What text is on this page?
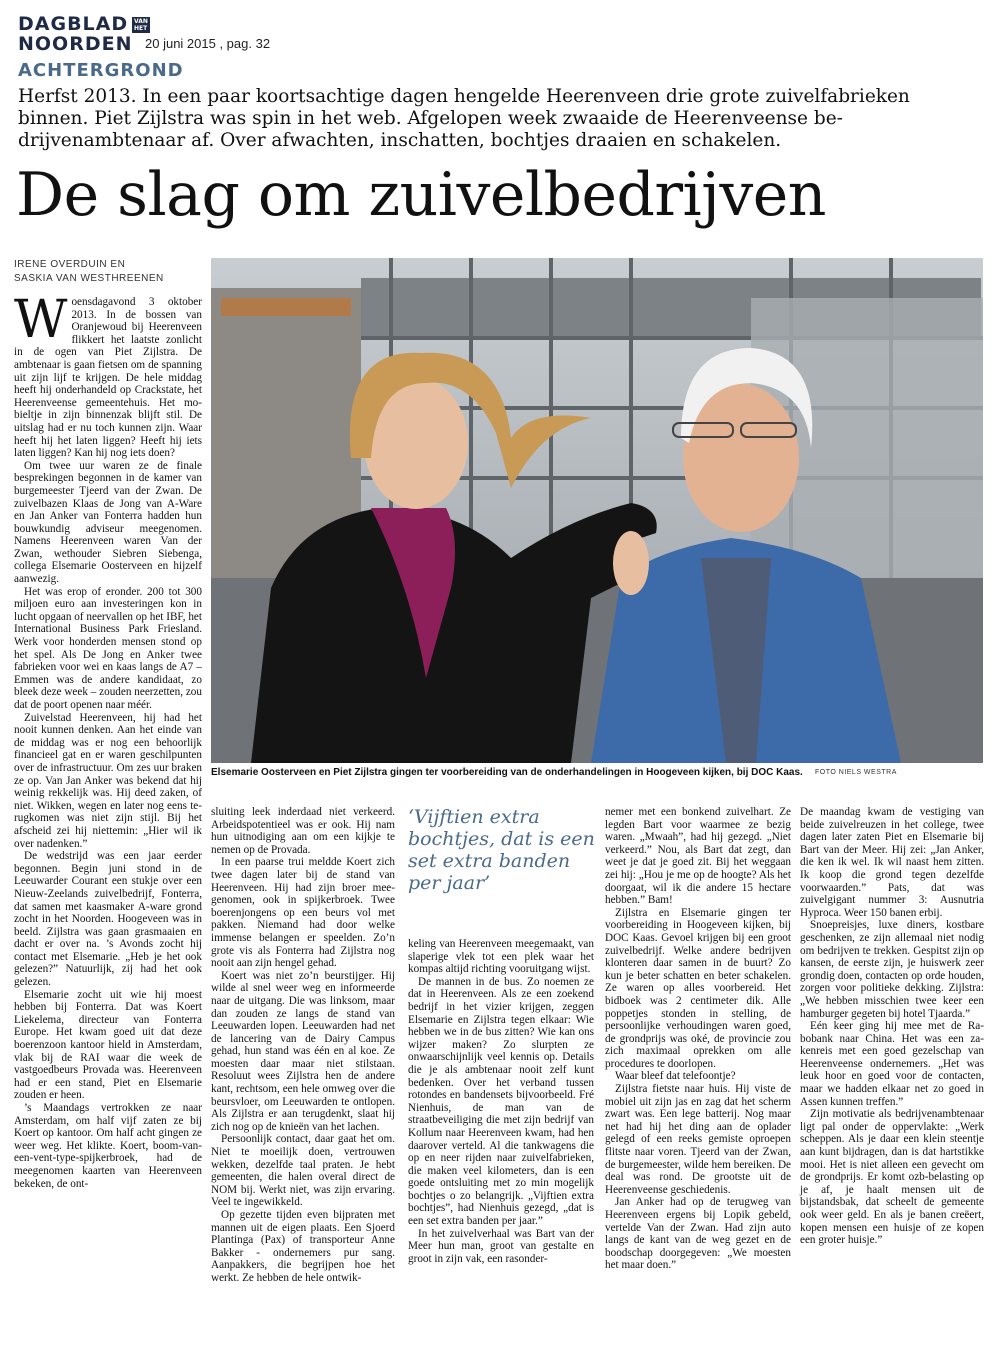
DAGBLAD VAN
HET
NOORDEN 20 juni 2015 , pag. 32
ACHTERGROND
Herfst 2013. In een paar koortsachtige dagen hengelde Heerenveen drie grote zuivelfabrieken binnen. Piet Zijlstra was spin in het web. Afgelopen week zwaaide de Heerenveense bedrijvenambtenaar af. Over afwachten, inschatten, bochtjes draaien en schakelen.
De slag om zuivelbedrijven
IRENE OVERDUIN EN
SASKIA VAN WESTHREENEN
Elsemarie Oosterveen en Piet Zijlstra gingen ter voorbereiding van de onderhandelingen in Hoogeveen kijken, bij DOC Kaas.	FOTO NIELS WESTRA
W oensdagavond 3 oktober 2013. In de bossen van Oranjewoud bij Heerenveen flikkert het laatste zonlicht in de ogen van Piet Zijlstra. De ambtenaar is gaan fietsen om de spanning uit zijn lijf te krijgen. De hele middag heeft hij onderhandeld op Crackstate, het Heerenveense gemeentehuis. Het mobieltje in zijn binnenzak blijft stil. De uitslag had er nu toch kunnen zijn. Waar heeft hij het laten liggen? Heeft hij iets laten liggen? Kan hij nog iets doen?

Om twee uur waren ze de finale besprekingen begonnen in de kamer van burgemeester Tjeerd van der Zwan. De zuivelbazen Klaas de Jong van A-Ware en Jan Anker van Fonterra hadden hun bouwkundig adviseur meegenomen. Namens Heerenveen waren Van der Zwan, wethouder Siebren Siebenga, collega Elsemarie Oosterveen en hijzelf aanwezig.

Het was erop of eronder. 200 tot 300 miljoen euro aan investeringen kon in lucht opgaan of neervallen op het IBF, het International Business Park Friesland. Werk voor honderden mensen stond op het spel. Als De Jong en Anker twee fabrieken voor wei en kaas langs de A7 – Emmen was de andere kandidaat, zo bleek deze week – zouden neerzetten, zou dat de poort openen naar méér.

Zuivelstad Heerenveen, hij had het nooit kunnen denken. Aan het einde van de middag was er nog een behoorlijk financieel gat en er waren geschilpunten over de infrastructuur. Om zes uur braken ze op. Van Jan Anker was bekend dat hij weinig rekkelijk was. Hij deed zaken, of niet. Wikken, wegen en later nog eens terugkomen was niet zijn stijl. Bij het afscheid zei hij niettemin: „Hier wil ik over nadenken.”

De wedstrijd was een jaar eerder begonnen. Begin juni stond in de Leeuwarder Courant een stukje over een Nieuw-Zeelands zuivelbedrijf, Fonterra, dat samen met kaasmaker A-ware grond zocht in het Noorden. Hoogeveen was in beeld. Zijlstra was gaan grasmaaien en dacht er over na. ’s Avonds zocht hij contact met Elsemarie. „Heb je het ook gelezen?” Natuurlijk, zij had het ook gelezen.

Elsemarie zocht uit wie hij moest hebben bij Fonterra. Dat was Koert Liekelema, directeur van Fonterra Europe. Het kwam goed uit dat deze boerenzoon kantoor hield in Amsterdam, vlak bij de RAI waar die week de vastgoedbeurs Provada was. Heerenveen had er een stand, Piet en Elsemarie zouden er heen.

’s Maandags vertrokken ze naar Amsterdam, om half vijf zaten ze bij Koert op kantoor. Om half acht gingen ze weer weg. Het klikte. Koert, boom-van-een-vent-type-spijkerbroek, had de meegenomen kaarten van Heerenveen bekeken, de ont-

sluiting leek inderdaad niet verkeerd. Arbeidspotentieel was er ook. Hij nam hun uitnodiging aan om een kijkje te nemen op de Provada.

In een paarse trui meldde Koert zich twee dagen later bij de stand van Heerenveen. Hij had zijn broer meegenomen, ook in spijkerbroek. Twee boerenjongens op een beurs vol met pakken. Niemand had door welke immense belangen er speelden. Zo’n grote vis als Fonterra had Zijlstra nog nooit aan zijn hengel gehad.

Koert was niet zo’n beurstijger. Hij wilde al snel weer weg en informeerde naar de uitgang. Die was linksom, maar dan zouden ze langs de stand van Leeuwarden lopen. Leeuwarden had net de lancering van de Dairy Campus gehad, hun stand was één en al koe. Ze moesten daar maar niet stilstaan. Resoluut wees Zijlstra hen de andere kant, rechtsom, een hele omweg over die beursvloer, om Leeuwarden te ontlopen. Als Zijlstra er aan terugdenkt, slaat hij zich nog op de knieën van het lachen.

Persoonlijk contact, daar gaat het om. Niet te moeilijk doen, vertrouwen wekken, dezelfde taal praten. Je hebt gemeenten, die halen overal direct de NOM bij. Werkt niet, was zijn ervaring. Veel te ingewikkeld.

Op gezette tijden even bijpraten met mannen uit de eigen plaats. Een Sjoerd Plantinga (Pax) of transporteur Anne Bakker - ondernemers pur sang. Aanpakkers, die begrijpen hoe het werkt. Ze hebben de hele ontwik-

‘Vijftien extra bochtjes, dat is een set extra banden per jaar’

keling van Heerenveen meegemaakt, van slaperige vlek tot een plek waar het kompas altijd richting vooruitgang wijst.

De mannen in de bus. Zo noemen ze dat in Heerenveen. Als ze een zoekend bedrijf in het vizier krijgen, zeggen Elsemarie en Zijlstra tegen elkaar: Wie hebben we in de bus zitten? Wie kan ons wijzer maken? Zo slurpten ze onwaarschijnlijk veel kennis op. Details die je als ambtenaar nooit zelf kunt bedenken. Over het verband tussen rotondes en bandensets bijvoorbeeld. Fré Nienhuis, de man van de straatbeveiliging die met zijn bedrijf van Kollum naar Heerenveen kwam, had hen daarover verteld. Al die tankwagens die op en neer rijden naar zuivelfabrieken, die maken veel kilometers, dan is een goede ontsluiting met zo min mogelijk bochtjes o zo belangrijk. „Vijftien extra bochtjes”, had Nienhuis gezegd, „dat is een set extra banden per jaar.”

In het zuivelverhaal was Bart van der Meer hun man, groot van gestalte en groot in zijn vak, een rasonder-

nemer met een bonkend zuivelhart. Ze legden Bart voor waarmee ze bezig waren. „Mwaah”, had hij gezegd. „Niet verkeerd.” Nou, als Bart dat zegt, dan weet je dat je goed zit. Bij het weggaan zei hij: „Hou je me op de hoogte? Als het doorgaat, wil ik die andere 15 hectare hebben.” Bam!

Zijlstra en Elsemarie gingen ter voorbereiding in Hoogeveen kijken, bij DOC Kaas. Gevoel krijgen bij een groot zuivelbedrijf. Welke andere bedrijven klonteren daar samen in de buurt? Zo kun je beter schatten en beter schakelen. Ze waren op alles voorbereid. Het bidboek was 2 centimeter dik. Alle poppetjes stonden in stelling, de persoonlijke verhoudingen waren goed, de grondprijs was oké, de provincie zou zich maximaal oprekken om alle procedures te doorlopen.

Waar bleef dat telefoontje?

Zijlstra fietste naar huis. Hij viste de mobiel uit zijn jas en zag dat het scherm zwart was. Een lege batterij. Nog maar net had hij het ding aan de oplader gelegd of een reeks gemiste oproepen flitste naar voren. Tjeerd van der Zwan, de burgemeester, wilde hem bereiken. De deal was rond. De grootste uit de Heerenveense geschiedenis.

Jan Anker had op de terugweg van Heerenveen ergens bij Lopik gebeld, vertelde Van der Zwan. Had zijn auto langs de kant van de weg gezet en de boodschap doorgegeven: „We moesten het maar doen.”

De maandag kwam de vestiging van beide zuivelreuzen in het college, twee dagen later zaten Piet en Elsemarie bij Bart van der Meer. Hij zei: „Jan Anker, die ken ik wel. Ik wil naast hem zitten. Ik koop die grond tegen dezelfde voorwaarden.” Pats, dat was zuivelgigant nummer 3: Ausnutria Hyproca. Weer 150 banen erbij.

Snoepreisjes, luxe diners, kostbare geschenken, ze zijn allemaal niet nodig om bedrijven te trekken. Gespitst zijn op kansen, de eerste zijn, je huiswerk zeer grondig doen, contacten op orde houden, zorgen voor politieke dekking. Zijlstra: „We hebben misschien twee keer een hamburger gegeten bij hotel Tjaarda.”

Eén keer ging hij mee met de Rabobank naar China. Het was een zakenreis met een goed gezelschap van Heerenveense ondernemers. „Het was leuk hoor en goed voor de contacten, maar we hadden elkaar net zo goed in Assen kunnen treffen.”

Zijn motivatie als bedrijvenambtenaar ligt pal onder de oppervlakte: „Werk scheppen. Als je daar een klein steentje aan kunt bijdragen, dan is dat hartstikke mooi. Het is niet alleen een gevecht om de grondprijs. Er komt ozb-belasting op je af, je haalt mensen uit de bijstandsbak, dat scheelt de gemeente ook weer geld. En als je banen creëert, kopen mensen een huisje of ze kopen een groter huisje.”
